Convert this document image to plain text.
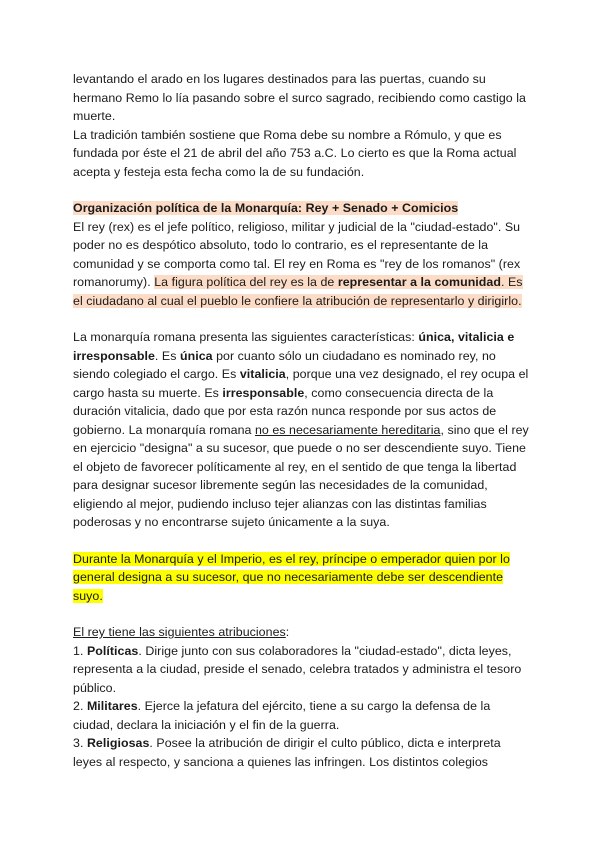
levantando el arado en los lugares destinados para las puertas, cuando su hermano Remo lo lía pasando sobre el surco sagrado, recibiendo como castigo la muerte.

La tradición también sostiene que Roma debe su nombre a Rómulo, y que es fundada por éste el 21 de abril del año 753 a.C. Lo cierto es que la Roma actual acepta y festeja esta fecha como la de su fundación.

Organización política de la Monarquía: Rey + Senado + Comicios

El rey (rex) es el jefe político, religioso, militar y judicial de la "ciudad-estado". Su poder no es despótico absoluto, todo lo contrario, es el representante de la comunidad y se comporta como tal. El rey en Roma es "rey de los romanos" (rex romanorumy). La figura política del rey es la de representar a la comunidad. Es el ciudadano al cual el pueblo le confiere la atribución de representarlo y dirigirlo.

La monarquía romana presenta las siguientes características: única, vitalicia e irresponsable. Es única por cuanto sólo un ciudadano es nominado rey, no siendo colegiado el cargo. Es vitalicia, porque una vez designado, el rey ocupa el cargo hasta su muerte. Es irresponsable, como consecuencia directa de la duración vitalicia, dado que por esta razón nunca responde por sus actos de gobierno. La monarquía romana no es necesariamente hereditaria, sino que el rey en ejercicio "designa" a su sucesor, que puede o no ser descendiente suyo. Tiene el objeto de favorecer políticamente al rey, en el sentido de que tenga la libertad para designar sucesor libremente según las necesidades de la comunidad, eligiendo al mejor, pudiendo incluso tejer alianzas con las distintas familias poderosas y no encontrarse sujeto únicamente a la suya.

Durante la Monarquía y el Imperio, es el rey, príncipe o emperador quien por lo general designa a su sucesor, que no necesariamente debe ser descendiente suyo.

El rey tiene las siguientes atribuciones:

1. Políticas. Dirige junto con sus colaboradores la "ciudad-estado", dicta leyes, representa a la ciudad, preside el senado, celebra tratados y administra el tesoro público.

2. Militares. Ejerce la jefatura del ejército, tiene a su cargo la defensa de la ciudad, declara la iniciación y el fin de la guerra.

3. Religiosas. Posee la atribución de dirigir el culto público, dicta e interpreta leyes al respecto, y sanciona a quienes las infringen. Los distintos colegios
